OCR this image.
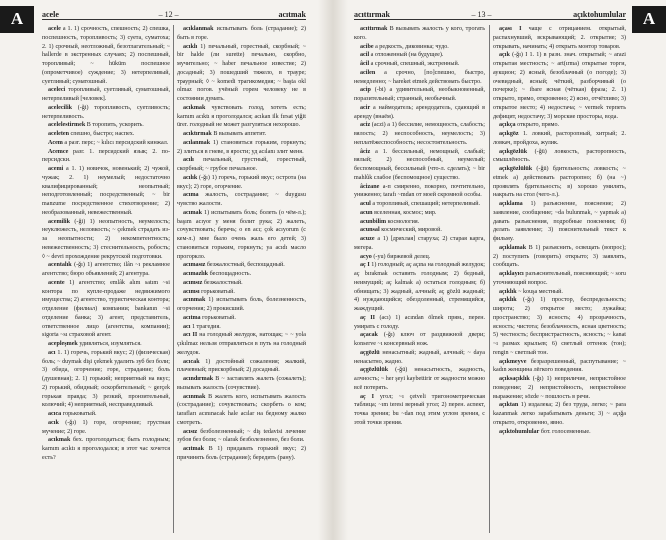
A	A
acele	– 12 –	acıtmak	acıttırmak	– 13 –	açıktohumlular

acele a 1. 1) срочность, спешность; 2) спешка, поспешность, торопливость; 3) суета, суматоха; 2. 1) срочный, неотложный, безотлагательный; ~ hallerde в экстренных случаях; 2) поспешный, торопливый; ~ hüküm поспешное (опрометчивое) суждение; 3) нетерпеливый, суетливый; суматошный.

aceleci торопливый, суетливый, суматошный, нетерпеливый [человек].

acelecilik (-ği) торопливость, суетливость; нетерпеливость.

acelelestirmek B торопить, ускорить.

aceleten спешно, быстро; наспех.

Acem a разг. перс; ~ kılıcı персидский кинжал.

Acemce разг. 1. персидский язык; 2. по-персидски.

acemi a 1. 1) новичок, новенький; 2) чужой, чужак; 2. 1) неумелый; недостаточно квалифицированный; неопытный; неподготовленный; посредственный; ~ bir manzume посредственное стихотворение; 2) необразованный, невежественный.

acemilik (-ği) 1) неопытность, неумелость; неуклюжесть, неловкость; ~ çekmek страдать из-за неопытности; 2) некомпетентность; невежественность; 3) стеснительность, робость; ◊ ~ devri прохождение рекрутской подготовки.

acentalık (-ğı) 1) агентство; ilân ~ı рекламное агентство; бюро объявлений; 2) агентура.

acente 1) агентство; emlâk alım satım ~si контора по купле-продаже недвижимого имущества; 2) агентство, туристическая контора; отделение (филиал) компании; bankanın ~si отделение банка; 3) агент, представитель, ответственное лицо (агентства, компании); sigorta ~sı страховой агент.

acepleşmek удивляться, изумляться.

acı 1. 1) горечь, горький вкус; 2) (физическая) боль; ~ duymak dişi çekmek удалить зуб без боли; 3) обида, огорчение; горе, страдание; боль (душевная); 2. 1) горький; неприятный на вкус; 2) горький, обидный; оскорбительный; ~ gerçek горькая правда; 3) резкий, пронзительный, колючий; 4) неприятный, несправедливый.

acıca горьковатый.

acık (-ğı) 1) горе, огорчение; грустная мучение; 2) горе.

acıkmak беx. проголодаться; быть голодным; karnım acıktı я проголодался; в этот час хочется есть?

acıklanmak испытывать боль (страдание); 2) быть в горе.

acıklı 1) печальный, горестный, скорбный; ~ bir halde (ли surette) печально, скорбно, мучительно; ~ haber печальное известие; 2) досадный; 3) пошедший тяжело, в трауре; траурный; ◊ ~ komedi трагикомедия; ~ başta okl olmaz погов. учёный горем человеку не в состоянии думать.

acıkmak чувствовать голод, хотеть есть; karnım acıktı я проголодался; acıkan ilk fırsat yiğit ürer. голодный не может разгуляться нехорошо.

acıktırmak В вызывать аппетит.

acılanmak 1) становиться горьким, горкнуть; 2) злиться в гневе, в ярости; уд acılanı злит меня.

acılı печальный, грустный, горестный, скорбный; ~ грубое печальное.

acılık (-ğı) 1) горечь, горький вкус; острота (на вкус); 2) горе, огорчение.

acıma жалость, сострадание; ~ duygusu чувство жалости.

acımak 1) испытывать боль; болеть (о чём-л.); başım acıyor у меня болит рука; 2) жалеть, сочувствовать; беречь; o en acı; çok acıyorum (с кем-л.) мне было очень жаль его детей; 3) становиться горьким, горкнуть; уа acıdı масло прогоркло.

acımasız безжалостный, беспощадный.

acımazlık беспощадность.

acımsız безжалостный.

acımsı горьковатый.

acınmak 1) испытывать боль, болезненность, огорчения; 2) прокисший.

acıtma горьковатый.

acı 1 трагедия.

acı II на голодный желудок, натощак; ~ ~ yola çıkılmaz нельзя отправляться в путь на голодный желудок.

acıcak 1) достойный сожаления; жалкий, плачевный; прискорбный; 2) досадный.

acındırmak В ~ заставлять жалеть (сожалеть); вызывать жалость (сочувствие).

acınmak В жалеть кого, испытывать жалость (сострадание); сочувствовать; скорбеть о ком; tarafları acınınacak hale acılar на бедному жалко смотреть.

acısız безболезненный; ~ diş tedavisi лечение зубов без боли; ~ olarak безболезненно, без боли.

acıtmak В 1) придавать горький вкус; 2) причинять боль (страдание); бередить (рану).

acıttırmak В вызывать жалость у кого, трогать кого.

acibe а редкость, диковинка; чудо.

acil а отложенный (на будущее).

âcil а срочный, спешный, экстренный.

acilen а срочно, [по]спешно, быстро, немедленно; ~ hareket etmek действовать быстро.

acip (-bi) а удивительный, необыкновенный, поразительный; странный, необычный.

acir а наймодатель; арендодатель, сдающий в аренду (внаём).

aciz (aczi) а 1) бессилие, немощность, слабость; вялость; 2) неспособность, неумелость; 3) неплатёжеспособность; несостоятельность.

âciz а 1. бессильный, немощный, слабый; вялый; 2) неспособный, неумелый; беспомощный, бессильный (что-л. сделать); ~ bir mahlûk слабое (беспомощное) существо.

âcizane а-п смиренно, покорно, почтительно, униженно; tarafı ~mdan от моей скромной особы.

acul а торопливый, спешащий; нетерпеливый.

acun вселенная, космос; мир.

acunbilim космология.

acunsal космический, мировой.

acuze a 1) [дряхлая] старуха; 2) старая карга, мегера.

acyo (-yu) биржевой делец.

aç I 1) голодный; aç açına на голодный желудок; aç bırakmak оставить голодным; 2) бедный, неимущий; aç kalmak а) остаться голодным; б) обнищать; 3) жадный, алчный; aç gözlü жадный; 4) нуждающийся; обездоленный, стремящийся, жаждущий.

aç II (acı) 1) acından ölmek прям., перен. умирать с голоду.

açacak (-ğı) ключ от раздвижной двери; konserve ~ı консервный нож.

açgözlü ненасытный; жадный, алчный; ~ daya ненасытно, жадно.

açgözlülük (-ğü) ненасытность, жадность, алчность; ~ her şeyi kaybettirir от жадности можно всё потерять.

aç I угол; ~ı çetveli тригонометрическая таблица; ~ım teresi верный угол; 2) перен. аспект, точка зрения; bu ~dan под этим углом зрения, с этой точки зрения.

açası I чаще с отрицанием. открытый, распахнувший, вскрывающий; 2. открытие; 3) открывать, начинать; 4) открыть монтор товаров.

açık (-ğı) I 1. 1) в разн. знач. открытый; ~ arazi открытая местность; ~ art(ırma) открытые торги, аукцион; 2) ясный, безоблачный (о погоде); 3) очевидный, ясный; чёткий, разборчивый (о почерке); ~ ibare ясная (чёткая) фраза; 2. 1) открыто, прямо, откровенно; 2) ясно, отчётливо; 3) открытое место; 4) недостача; ~ vermek терпеть дефицит, недостачу; 3) морские просторы, вода.

açıkça открыто, прямо.

açıkgöz 1. ловкий, расторопный, хитрый; 2. ловкач, пройдоха, жулик.

açıkgözlük (-ğü) ловкость, расторопность, смышлёность.

açıkgözlülük (-ğü) бдительность; ловкость; ~ etmek а) действовать расторопно; б) (на ~) проявлять бдительность; в) хорошо умилять, накрыть на стол (чего-л.).

açıklama 1) разъяснение, пояснение; 2) заявление, сообщение; ~da bulunmak, ~ yapmak а) давать разъяснения, подробные пояснения; б) делать заявление; 3) пояснительный текст к фильму.

açıklamak В 1) разъяснить, освещать (вопрос); 2) поступить (говорить) открыто; 3) заявлять, сообщать.

açıklayıcı разъяснительный, поясняющий; ~ soru уточняющий вопрос.

açıklık ~ kouşa местный.

açıklık (-ğı) 1) простор, беспредельность; широта; 2) открытое место; лужайка; пространство; 3) ясность; 4) прозрачность, ясность; чистота; безоблачность, ясная цветность; 5) честность; беспристрастность, ясность; ~ kanat ~ı размах крыльев; 6) светлый оттенок (тон); rengin ~ светлый тон.

açıkmeyve безразрешенный, распутывание; ~ kadın женщина лёгкого поведения.

açıksaçıklık (-ğı) 1) неприличие, непристойное поведение; 2) непристойность, непристойное выражение; sözde ~ пошлость в речи.

açıktan 1) издалека; 2) без труда, легко; ~ para kazanmak легко зарабатывать деньги; 3) ~ açığa открыто, откровенно, явно.

açıktohumlular бот. голосеменные.
